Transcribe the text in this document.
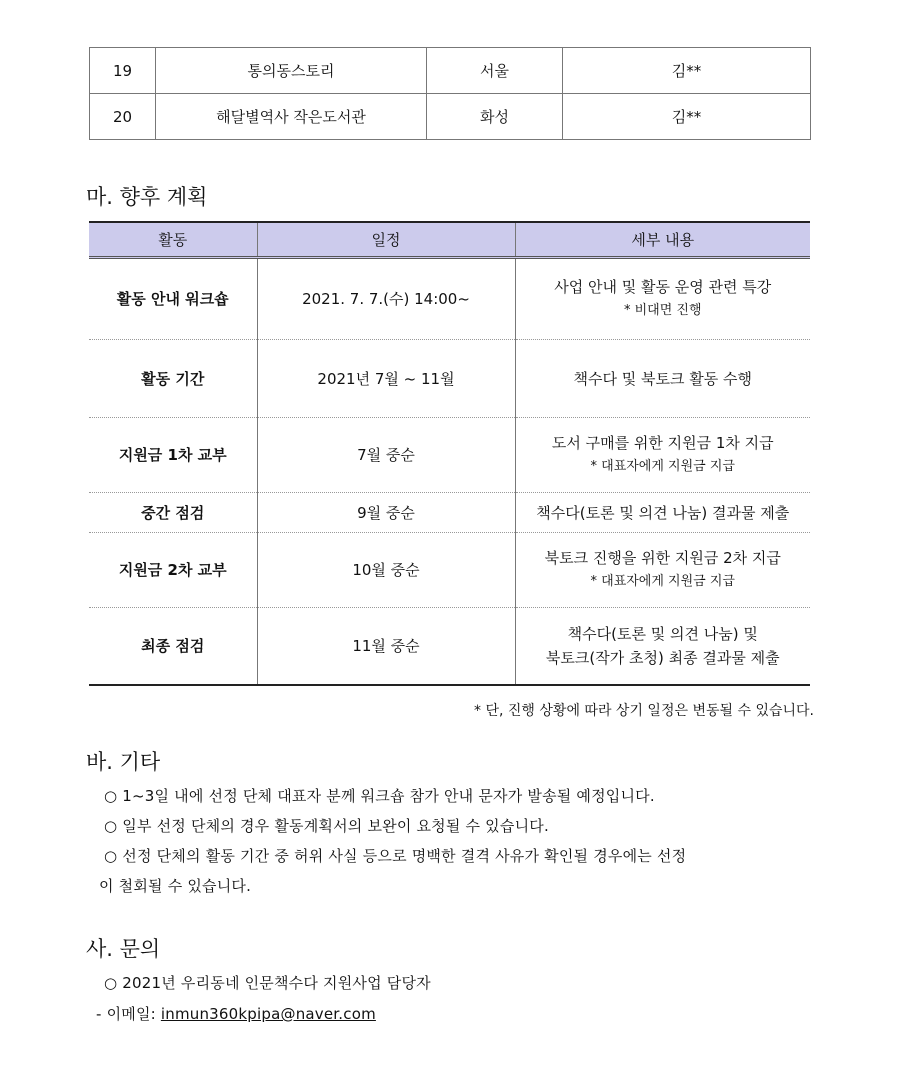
19	통의동스토리	서울	김**
20	해달별역사 작은도서관	화성	김**
마. 향후 계획
활동	일정	세부 내용
활동 안내 워크숍	2021. 7. 7.(수) 14:00~	사업 안내 및 활동 운영 관련 특강
* 비대면 진행

활동 기간	2021년 7월 ~ 11월	책수다 및 북토크 활동 수행

지원금 1차 교부	7월 중순	도서 구매를 위한 지원금 1차 지급
* 대표자에게 지원금 지급

중간 점검	9월 중순	책수다(토론 및 의견 나눔) 결과물 제출

지원금 2차 교부	10월 중순	북토크 진행을 위한 지원금 2차 지급
* 대표자에게 지원금 지급

최종 점검	11월 중순	책수다(토론 및 의견 나눔) 및
북토크(작가 초청) 최종 결과물 제출

* 단, 진행 상황에 따라 상기 일정은 변동될 수 있습니다.

바. 기타

○ 1~3일 내에 선정 단체 대표자 분께 워크숍 참가 안내 문자가 발송될 예정입니다.

○ 일부 선정 단체의 경우 활동계획서의 보완이 요청될 수 있습니다.

○ 선정 단체의 활동 기간 중 허위 사실 등으로 명백한 결격 사유가 확인될 경우에는 선정

이 철회될 수 있습니다.

사. 문의

○ 2021년 우리동네 인문책수다 지원사업 담당자

- 이메일: inmun360kpipa@naver.com
